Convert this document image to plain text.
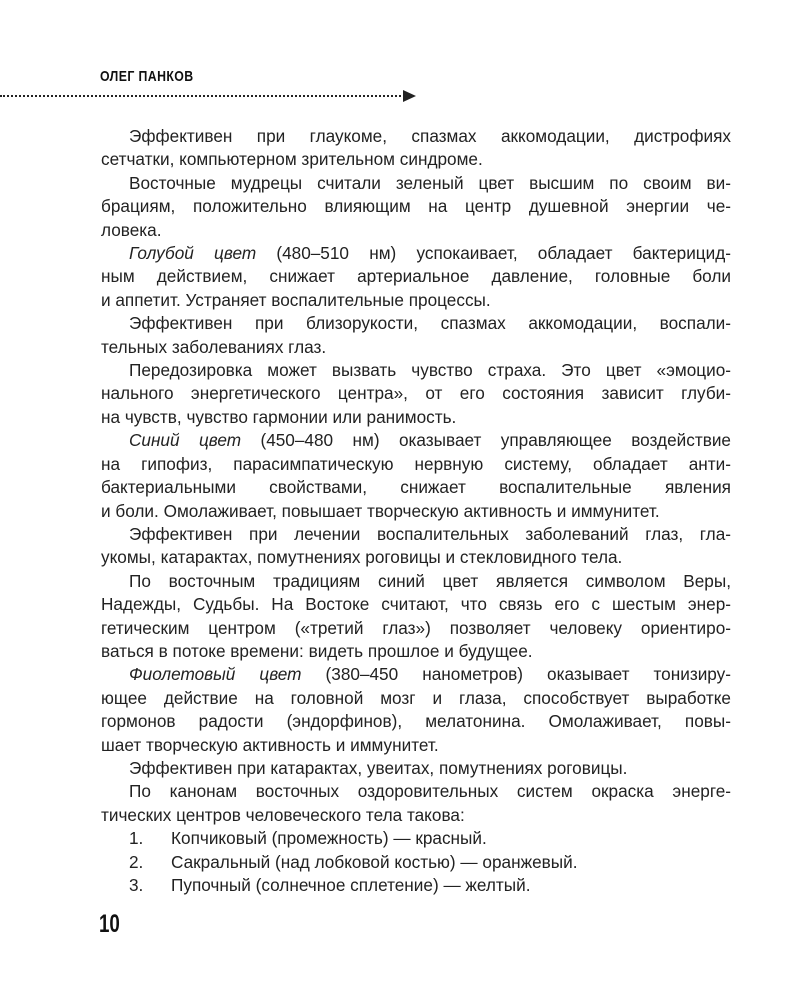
ОЛЕГ ПАНКОВ
Эффективен при глаукоме, спазмах аккомодации, дистрофиях
сетчатки, компьютерном зрительном синдроме.
Восточные мудрецы считали зеленый цвет высшим по своим ви-
брациям, положительно влияющим на центр душевной энергии че-
ловека.
Голубой цвет (480–510 нм) успокаивает, обладает бактерицид-
ным действием, снижает артериальное давление, головные боли
и аппетит. Устраняет воспалительные процессы.
Эффективен при близорукости, спазмах аккомодации, воспали-
тельных заболеваниях глаз.
Передозировка может вызвать чувство страха. Это цвет «эмоцио-
нального энергетического центра», от его состояния зависит глуби-
на чувств, чувство гармонии или ранимость.
Синий цвет (450–480 нм) оказывает управляющее воздействие
на гипофиз, парасимпатическую нервную систему, обладает анти-
бактериальными свойствами, снижает воспалительные явления
и боли. Омолаживает, повышает творческую активность и иммунитет.
Эффективен при лечении воспалительных заболеваний глаз, гла-
укомы, катарактах, помутнениях роговицы и стекловидного тела.
По восточным традициям синий цвет является символом Веры,
Надежды, Судьбы. На Востоке считают, что связь его с шестым энер-
гетическим центром («третий глаз») позволяет человеку ориентиро-
ваться в потоке времени: видеть прошлое и будущее.
Фиолетовый цвет (380–450 нанометров) оказывает тонизиру-
ющее действие на головной мозг и глаза, способствует выработке
гормонов радости (эндорфинов), мелатонина. Омолаживает, повы-
шает творческую активность и иммунитет.
Эффективен при катарактах, увеитах, помутнениях роговицы.
По канонам восточных оздоровительных систем окраска энерге-
тических центров человеческого тела такова:
1. Копчиковый (промежность) — красный.
2. Сакральный (над лобковой костью) — оранжевый.
3. Пупочный (солнечное сплетение) — желтый.
10
